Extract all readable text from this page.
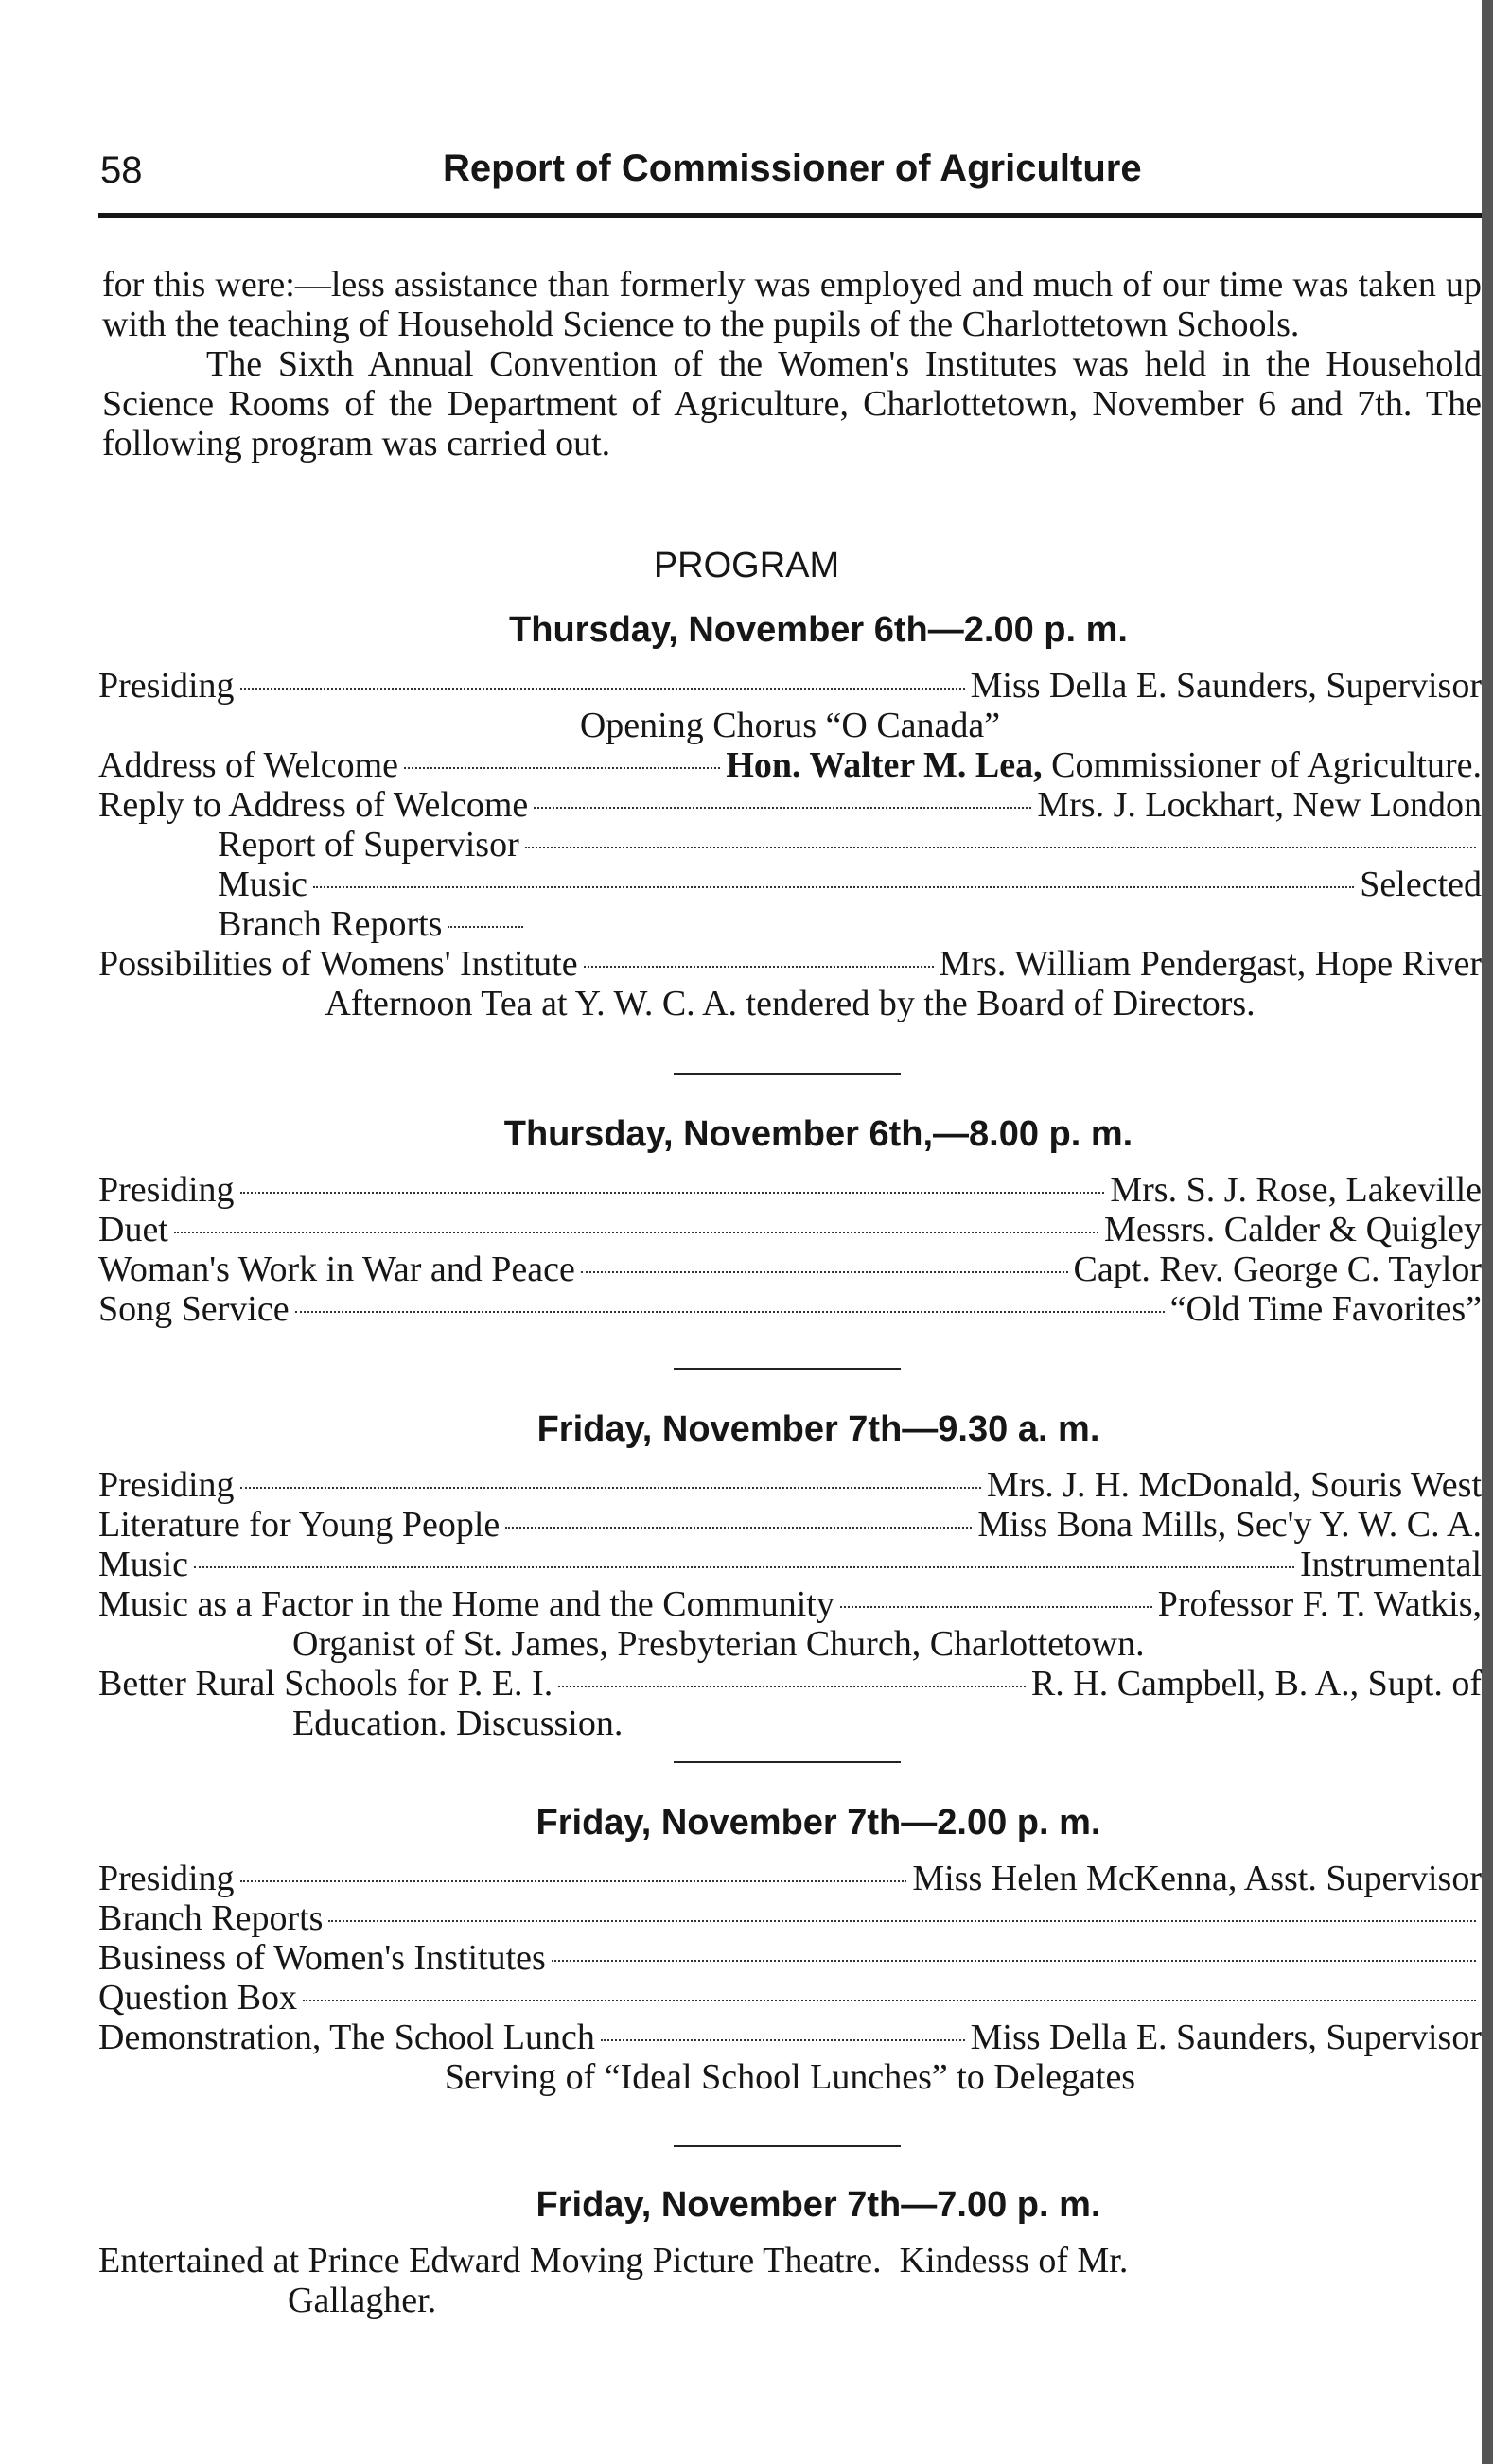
58	Report of Commissioner of Agriculture

for this were:—less assistance than formerly was employed and much of our time was taken up with the teaching of Household Science to the pupils of the Charlottetown Schools.

The Sixth Annual Convention of the Women's Institutes was held in the Household Science Rooms of the Department of Agriculture, Charlottetown, November 6 and 7th. The following program was carried out.

PROGRAM
Thursday, November 6th—2.00 p. m.
Presiding	Miss Della E. Saunders, Supervisor
Opening Chorus “O Canada”
Address of Welcome	Hon. Walter M. Lea, Commissioner of Agriculture.
Reply to Address of Welcome	Mrs. J. Lockhart, New London
Report of Supervisor
Music	Selected
Branch Reports
Possibilities of Womens' Institute	Mrs. William Pendergast, Hope River
Afternoon Tea at Y. W. C. A. tendered by the Board of Directors.
Thursday, November 6th,—8.00 p. m.
Presiding	Mrs. S. J. Rose, Lakeville
Duet	Messrs. Calder & Quigley
Woman's Work in War and Peace	Capt. Rev. George C. Taylor
Song Service	“Old Time Favorites”
Friday, November 7th—9.30 a. m.
Presiding	Mrs. J. H. McDonald, Souris West
Literature for Young People	Miss Bona Mills, Sec'y Y. W. C. A.
Music	Instrumental
Music as a Factor in the Home and the Community	Professor F. T. Watkis,
Organist of St. James, Presbyterian Church, Charlottetown.
Better Rural Schools for P. E. I.	R. H. Campbell, B. A., Supt. of
Education. Discussion.
Friday, November 7th—2.00 p. m.
Presiding	Miss Helen McKenna, Asst. Supervisor
Branch Reports
Business of Women's Institutes
Question Box
Demonstration, The School Lunch	Miss Della E. Saunders, Supervisor
Serving of “Ideal School Lunches” to Delegates
Friday, November 7th—7.00 p. m.
Entertained at Prince Edward Moving Picture Theatre.  Kindesss of Mr.
Gallagher.
